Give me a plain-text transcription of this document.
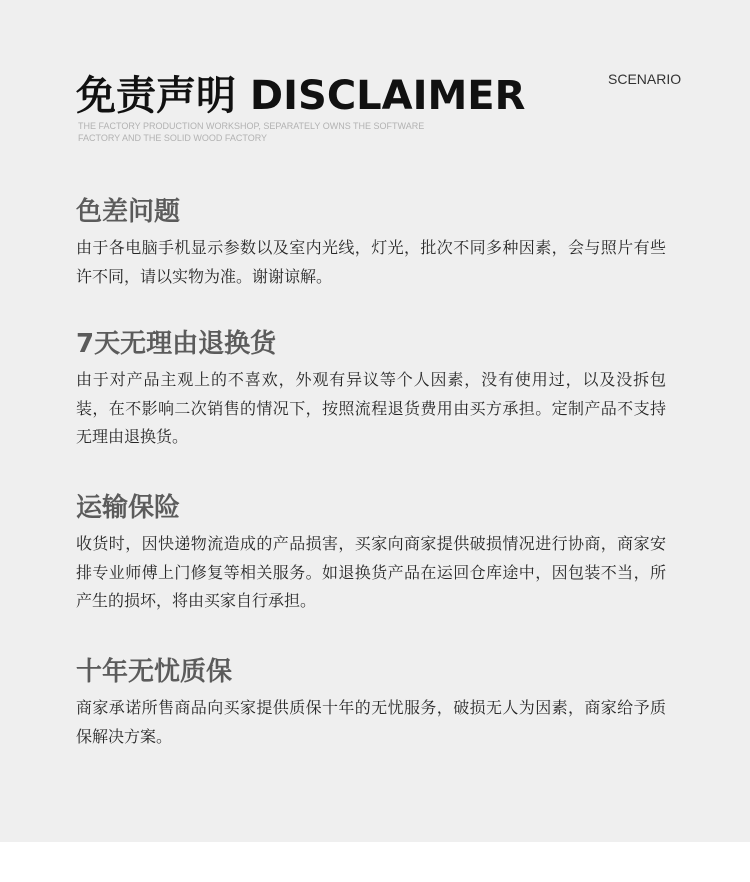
免责声明 DISCLAIMER	SCENARIO
THE FACTORY PRODUCTION WORKSHOP, SEPARATELY OWNS THE SOFTWARE FACTORY AND THE SOLID WOOD FACTORY
色差问题

由于各电脑手机显示参数以及室内光线，灯光，批次不同多种因素，会与照片有些许不同，请以实物为准。谢谢谅解。

7天无理由退换货

由于对产品主观上的不喜欢，外观有异议等个人因素，没有使用过，以及没拆包装，在不影响二次销售的情况下，按照流程退货费用由买方承担。定制产品不支持无理由退换货。

运输保险

收货时，因快递物流造成的产品损害，买家向商家提供破损情况进行协商，商家安排专业师傅上门修复等相关服务。如退换货产品在运回仓库途中，因包装不当，所产生的损坏，将由买家自行承担。

十年无忧质保

商家承诺所售商品向买家提供质保十年的无忧服务，破损无人为因素，商家给予质保解决方案。
